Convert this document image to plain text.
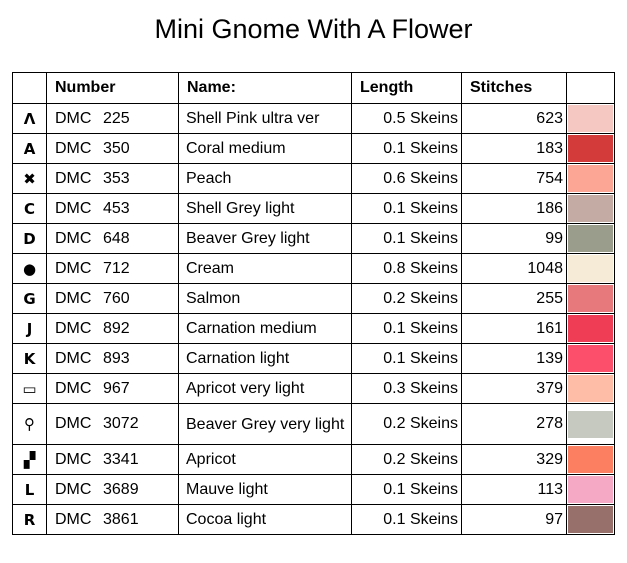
Mini Gnome With A Flower
	Number	Name:	Length	Stitches	
Λ	DMC 225	Shell Pink ultra ver	0.5 Skeins	623	

A	DMC 350	Coral medium	0.1 Skeins	183	

✖	DMC 353	Peach	0.6 Skeins	754	

C	DMC 453	Shell Grey light	0.1 Skeins	186	

D	DMC 648	Beaver Grey light	0.1 Skeins	99	

●	DMC 712	Cream	0.8 Skeins	1048	

G	DMC 760	Salmon	0.2 Skeins	255	

J	DMC 892	Carnation medium	0.1 Skeins	161	

K	DMC 893	Carnation light	0.1 Skeins	139	

▭	DMC 967	Apricot very light	0.3 Skeins	379	

⚲	DMC 3072	Beaver Grey very light	0.2 Skeins	278	

▞	DMC 3341	Apricot	0.2 Skeins	329	

L	DMC 3689	Mauve light	0.1 Skeins	113	

R	DMC 3861	Cocoa light	0.1 Skeins	97	
